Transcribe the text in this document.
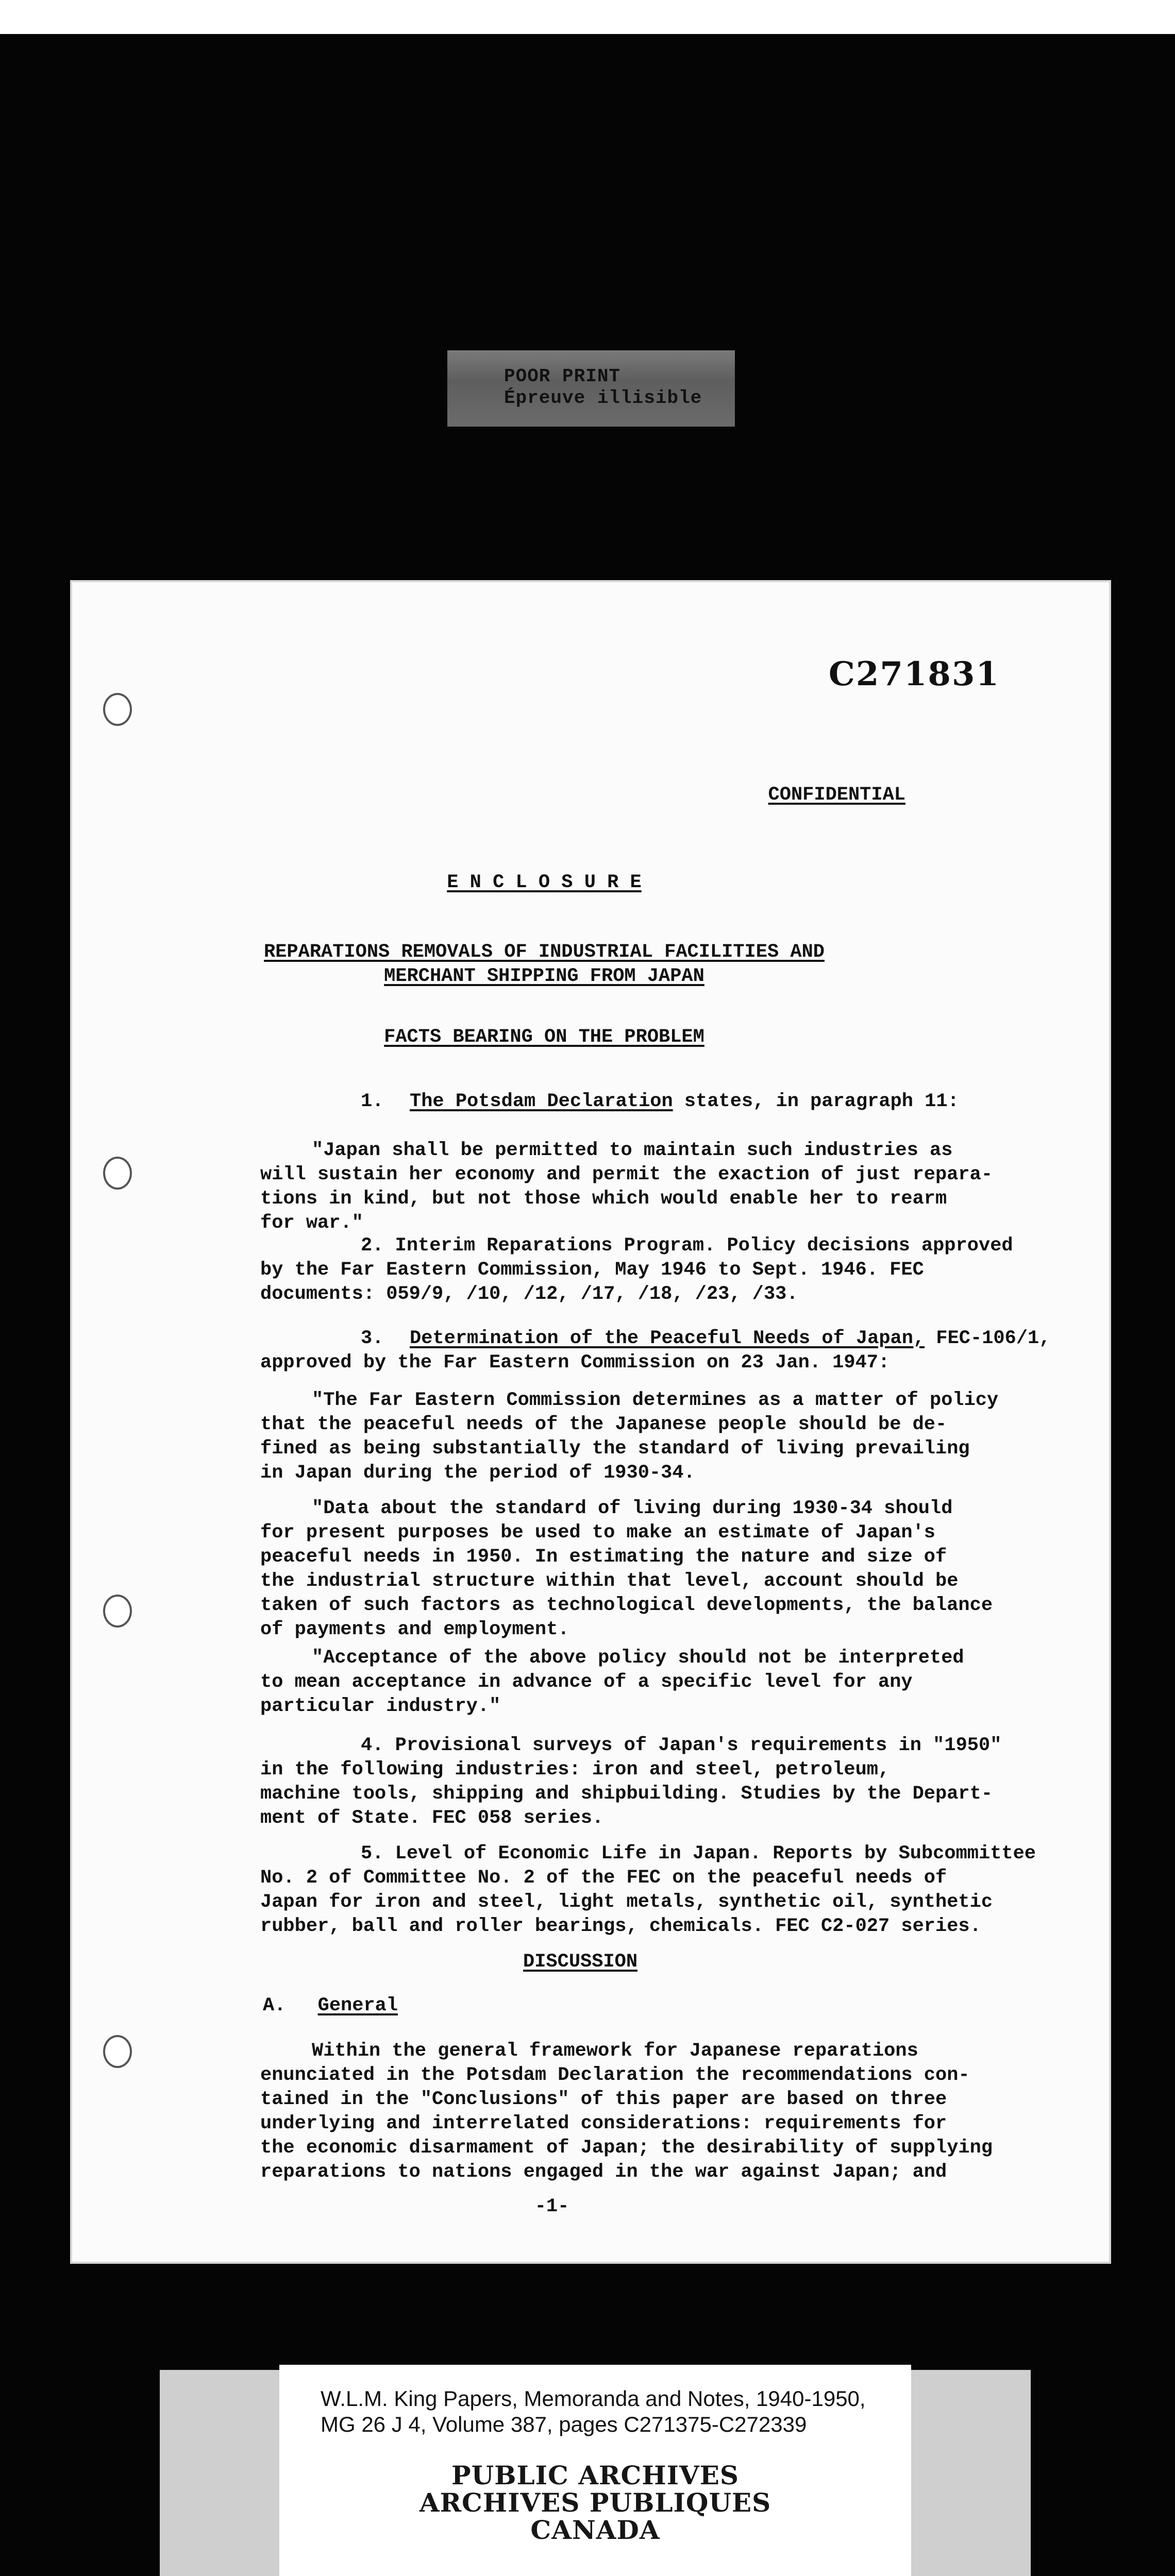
POOR PRINT
Épreuve illisible
C271831
CONFIDENTIAL
E N C L O S U R E
REPARATIONS REMOVALS OF INDUSTRIAL FACILITIES AND
MERCHANT SHIPPING FROM JAPAN
FACTS BEARING ON THE PROBLEM
1. The Potsdam Declaration states, in paragraph 11:
"Japan shall be permitted to maintain such industries as
will sustain her economy and permit the exaction of just repara-
tions in kind, but not those which would enable her to rearm
for war."
2. Interim Reparations Program. Policy decisions approved
by the Far Eastern Commission, May 1946 to Sept. 1946. FEC
documents: 059/9, /10, /12, /17, /18, /23, /33.
3. Determination of the Peaceful Needs of Japan, FEC-106/1,
approved by the Far Eastern Commission on 23 Jan. 1947:
"The Far Eastern Commission determines as a matter of policy
that the peaceful needs of the Japanese people should be de-
fined as being substantially the standard of living prevailing
in Japan during the period of 1930-34.
"Data about the standard of living during 1930-34 should
for present purposes be used to make an estimate of Japan's
peaceful needs in 1950. In estimating the nature and size of
the industrial structure within that level, account should be
taken of such factors as technological developments, the balance
of payments and employment.
"Acceptance of the above policy should not be interpreted
to mean acceptance in advance of a specific level for any
particular industry."
4. Provisional surveys of Japan's requirements in "1950"
in the following industries: iron and steel, petroleum,
machine tools, shipping and shipbuilding. Studies by the Depart-
ment of State. FEC 058 series.
5. Level of Economic Life in Japan. Reports by Subcommittee
No. 2 of Committee No. 2 of the FEC on the peaceful needs of
Japan for iron and steel, light metals, synthetic oil, synthetic
rubber, ball and roller bearings, chemicals. FEC C2-027 series.
DISCUSSION
A. General
Within the general framework for Japanese reparations
enunciated in the Potsdam Declaration the recommendations con-
tained in the "Conclusions" of this paper are based on three
underlying and interrelated considerations: requirements for
the economic disarmament of Japan; the desirability of supplying
reparations to nations engaged in the war against Japan; and
-1-
W.L.M. King Papers, Memoranda and Notes, 1940-1950,
MG 26 J 4, Volume 387, pages C271375-C272339
PUBLIC ARCHIVES
ARCHIVES PUBLIQUES
CANADA
